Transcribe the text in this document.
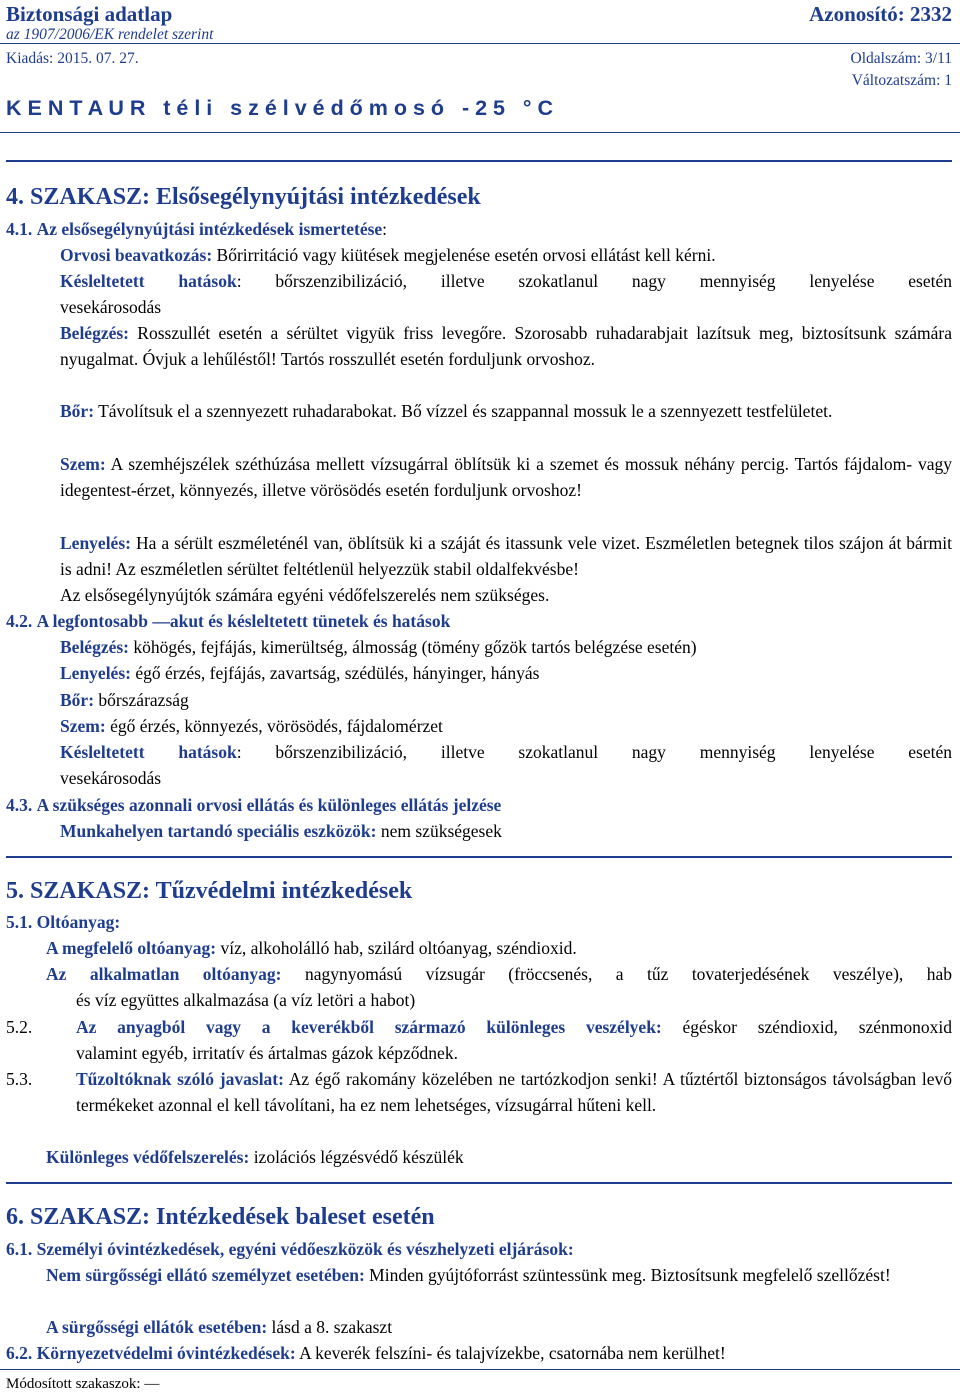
Biztonsági adatlap	Azonosító: 2332
az 1907/2006/EK rendelet szerint
Kiadás: 2015. 07. 27.	Oldalszám: 3/11
Változatszám: 1
K E N T A U R   t é l i   s z é l v é d ő m o s ó   - 2 5   ° C
4. SZAKASZ: Elsősegélynyújtási intézkedések
4.1. Az elsősegélynyújtási intézkedések ismertetése:
Orvosi beavatkozás: Bőrirritáció vagy kiütések megjelenése esetén orvosi ellátást kell kérni.
Késleltetett hatások: bőrszenzibilizáció, illetve szokatlanul nagy mennyiség lenyelése esetén
vesekárosodás
Belégzés: Rosszullét esetén a sérültet vigyük friss levegőre. Szorosabb ruhadarabjait lazítsuk meg, biztosítsunk számára nyugalmat. Óvjuk a lehűléstől! Tartós rosszullét esetén forduljunk orvoshoz.
Bőr: Távolítsuk el a szennyezett ruhadarabokat. Bő vízzel és szappannal mossuk le a szennyezett testfelületet.
Szem: A szemhéjszélek széthúzása mellett vízsugárral öblítsük ki a szemet és mossuk néhány percig. Tartós fájdalom- vagy idegentest-érzet, könnyezés, illetve vörösödés esetén forduljunk orvoshoz!
Lenyelés: Ha a sérült eszméleténél van, öblítsük ki a száját és itassunk vele vizet. Eszméletlen betegnek tilos szájon át bármit is adni! Az eszméletlen sérültet feltétlenül helyezzük stabil oldalfekvésbe!
Az elsősegélynyújtók számára egyéni védőfelszerelés nem szükséges.
4.2. A legfontosabb —akut és késleltetett tünetek és hatások
Belégzés: köhögés, fejfájás, kimerültség, álmosság (tömény gőzök tartós belégzése esetén)
Lenyelés: égő érzés, fejfájás, zavartság, szédülés, hányinger, hányás
Bőr: bőrszárazság
Szem: égő érzés, könnyezés, vörösödés, fájdalomérzet
Késleltetett hatások: bőrszenzibilizáció, illetve szokatlanul nagy mennyiség lenyelése esetén
vesekárosodás
4.3. A szükséges azonnali orvosi ellátás és különleges ellátás jelzése
Munkahelyen tartandó speciális eszközök: nem szükségesek
5. SZAKASZ: Tűzvédelmi intézkedések
5.1. Oltóanyag:
A megfelelő oltóanyag: víz, alkoholálló hab, szilárd oltóanyag, széndioxid.
Az alkalmatlan oltóanyag: nagynyomású vízsugár (fröccsenés, a tűz tovaterjedésének veszélye), hab
és víz együttes alkalmazása (a víz letöri a habot)
5.2.	Az anyagból vagy a keverékből származó különleges veszélyek: égéskor széndioxid, szénmonoxid
valamint egyéb, irritatív és ártalmas gázok képződnek.
5.3.	Tűzoltóknak szóló javaslat: Az égő rakomány közelében ne tartózkodjon senki! A tűztértől biztonságos távolságban levő termékeket azonnal el kell távolítani, ha ez nem lehetséges, vízsugárral hűteni kell.
Különleges védőfelszerelés: izolációs légzésvédő készülék
6. SZAKASZ: Intézkedések baleset esetén
6.1. Személyi óvintézkedések, egyéni védőeszközök és vészhelyzeti eljárások:
Nem sürgősségi ellátó személyzet esetében: Minden gyújtóforrást szüntessünk meg. Biztosítsunk megfelelő szellőzést!
A sürgősségi ellátók esetében: lásd a 8. szakaszt
6.2. Környezetvédelmi óvintézkedések: A keverék felszíni- és talajvízekbe, csatornába nem kerülhet!
Módosított szakaszok: —
